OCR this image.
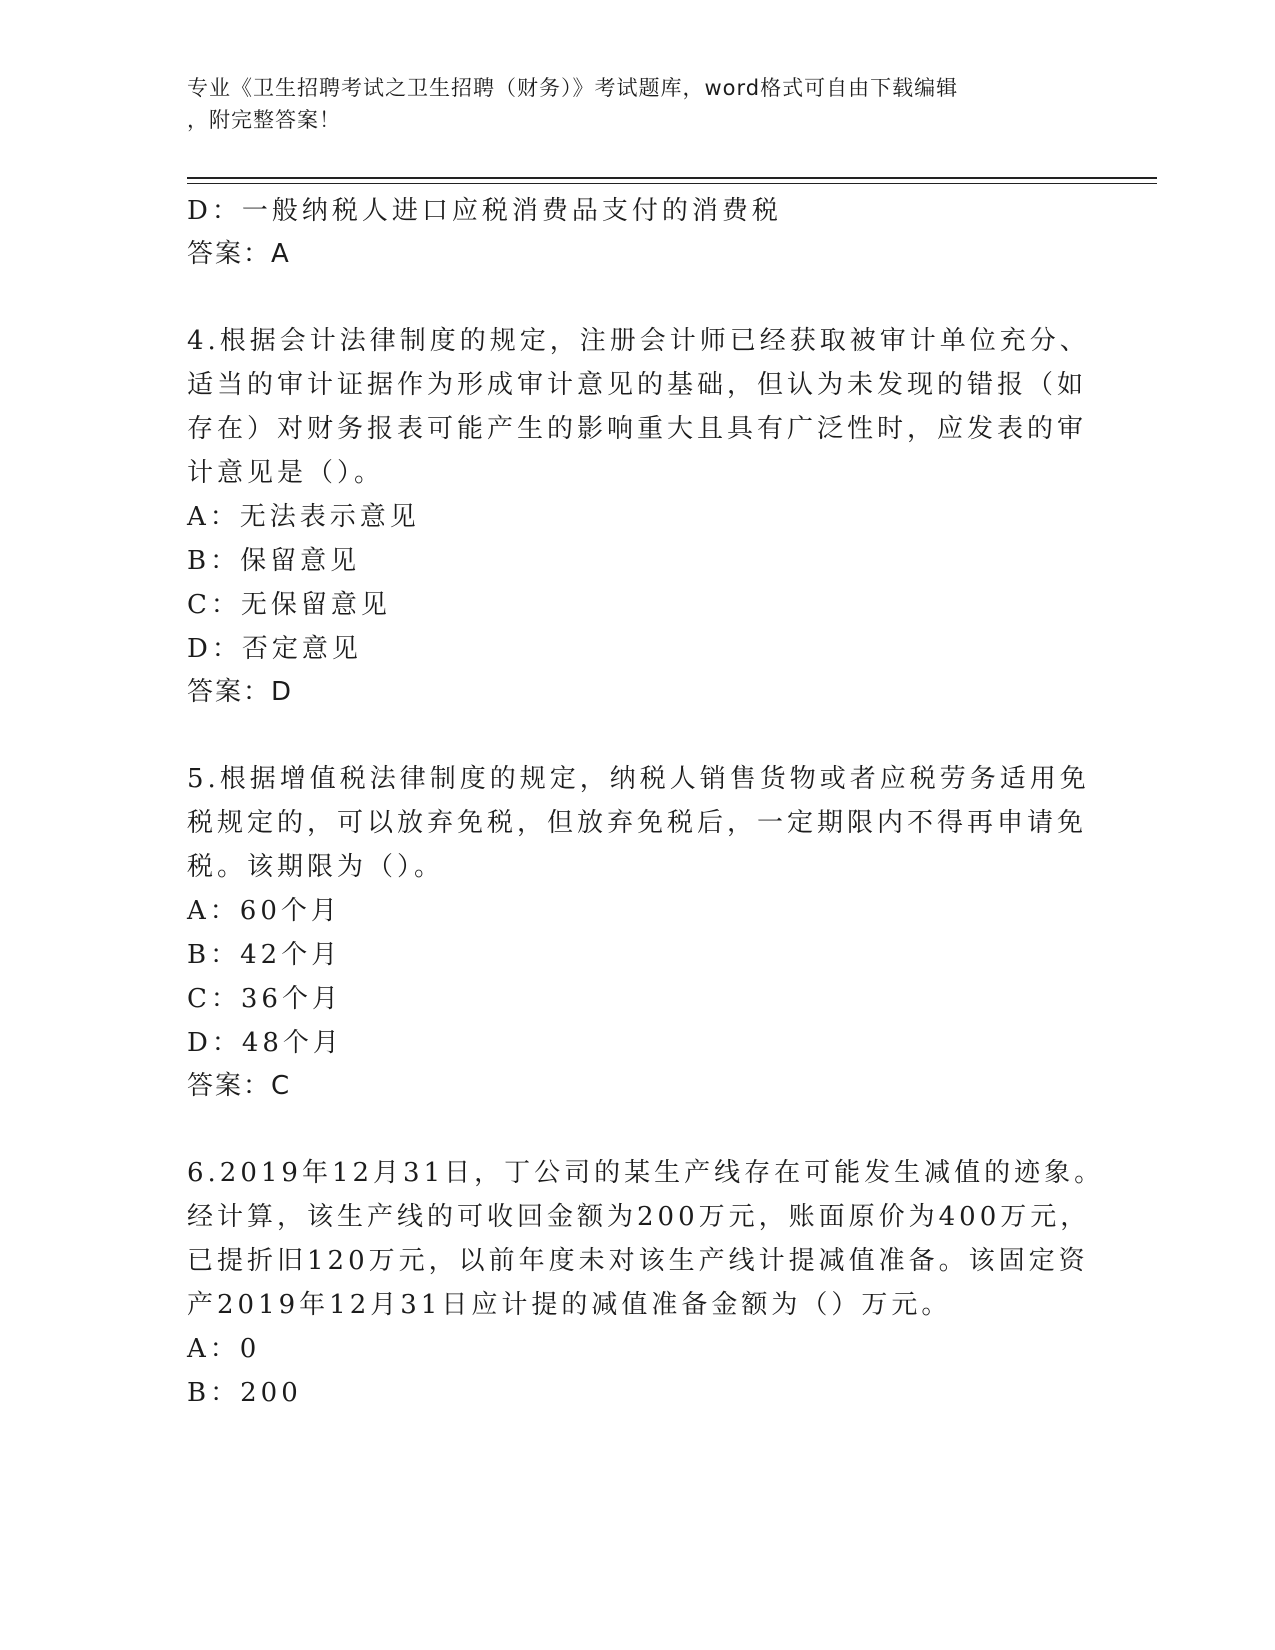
专业《卫生招聘考试之卫生招聘（财务）》考试题库，word格式可自由下载编辑
，附完整答案！
D：一般纳税人进口应税消费品支付的消费税
答案：A
4.根据会计法律制度的规定，注册会计师已经获取被审计单位充分、
适当的审计证据作为形成审计意见的基础，但认为未发现的错报（如
存在）对财务报表可能产生的影响重大且具有广泛性时，应发表的审
计意见是（）。
A：无法表示意见
B：保留意见
C：无保留意见
D：否定意见
答案：D
5.根据增值税法律制度的规定，纳税人销售货物或者应税劳务适用免
税规定的，可以放弃免税，但放弃免税后，一定期限内不得再申请免
税。该期限为（）。
A：60个月
B：42个月
C：36个月
D：48个月
答案：C
6.2019年12月31日，丁公司的某生产线存在可能发生减值的迹象。
经计算，该生产线的可收回金额为200万元，账面原价为400万元，
已提折旧120万元，以前年度未对该生产线计提减值准备。该固定资
产2019年12月31日应计提的减值准备金额为（）万元。
A：0
B：200
